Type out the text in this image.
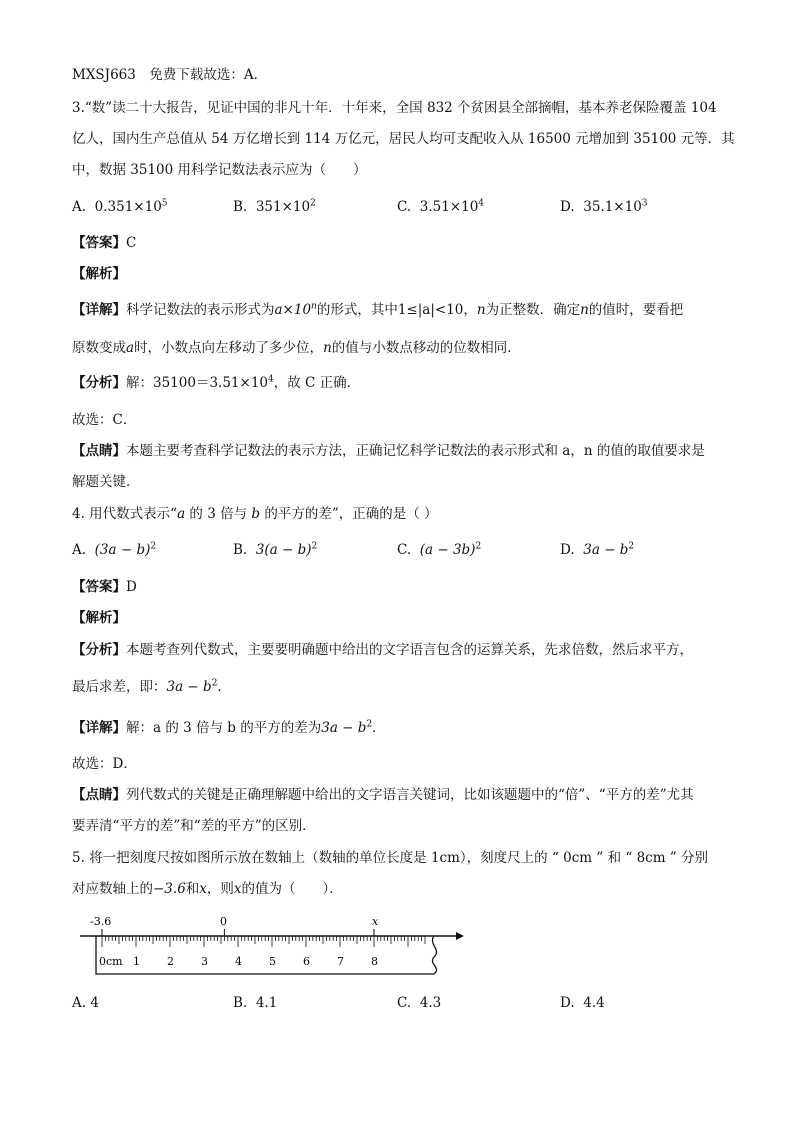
MXSJ663　免费下载故选：A．
3.“数”读二十大报告，见证中国的非凡十年．十年来，全国 832 个贫困县全部摘帽，基本养老保险覆盖 104
亿人，国内生产总值从 54 万亿增长到 114 万亿元，居民人均可支配收入从 16500 元增加到 35100 元等．其
中，数据 35100 用科学记数法表示应为（　　）
A. $0.351\times 10^5$	B. $351\times 10^2$	C. $3.51\times 10^4$	D. $35.1\times 10^3$
【答案】C
【解析】
【详解】科学记数法的表示形式为$a\times 10^n$的形式，其中1≤|a|<10，n为正整数．确定n的值时，要看把
原数变成a时，小数点向左移动了多少位，n的值与小数点移动的位数相同．
【分析】解：$35100=3.51\times 10^4$，故 C 正确．
故选：C．
【点睛】本题主要考查科学记数法的表示方法，正确记忆科学记数法的表示形式和 a，n 的值的取值要求是
解题关键．
4. 用代数式表示“a 的 3 倍与 b 的平方的差”，正确的是（ ）
A. $(3a - b)^2$	B. $3(a - b)^2$	C. $(a - 3b)^2$	D. $3a - b^2$
【答案】D
【解析】
【分析】本题考查列代数式，主要要明确题中给出的文字语言包含的运算关系，先求倍数，然后求平方，
最后求差，即：$3a - b^2$．
【详解】解：a 的 3 倍与 b 的平方的差为$3a - b^2$．
故选：D．
【点睛】列代数式的关键是正确理解题中给出的文字语言关键词，比如该题题中的“倍”、“平方的差”尤其
要弄清“平方的差”和“差的平方”的区别．
5. 将一把刻度尺按如图所示放在数轴上（数轴的单位长度是 1cm），刻度尺上的 “ 0cm ” 和 “ 8cm ” 分别
对应数轴上的−3.6和x，则x的值为（　　）．
-3.6	0	x
0cm 1 2 3 4 5 6 7 8
A. 4	B. 4.1	C. 4.3	D. 4.4
